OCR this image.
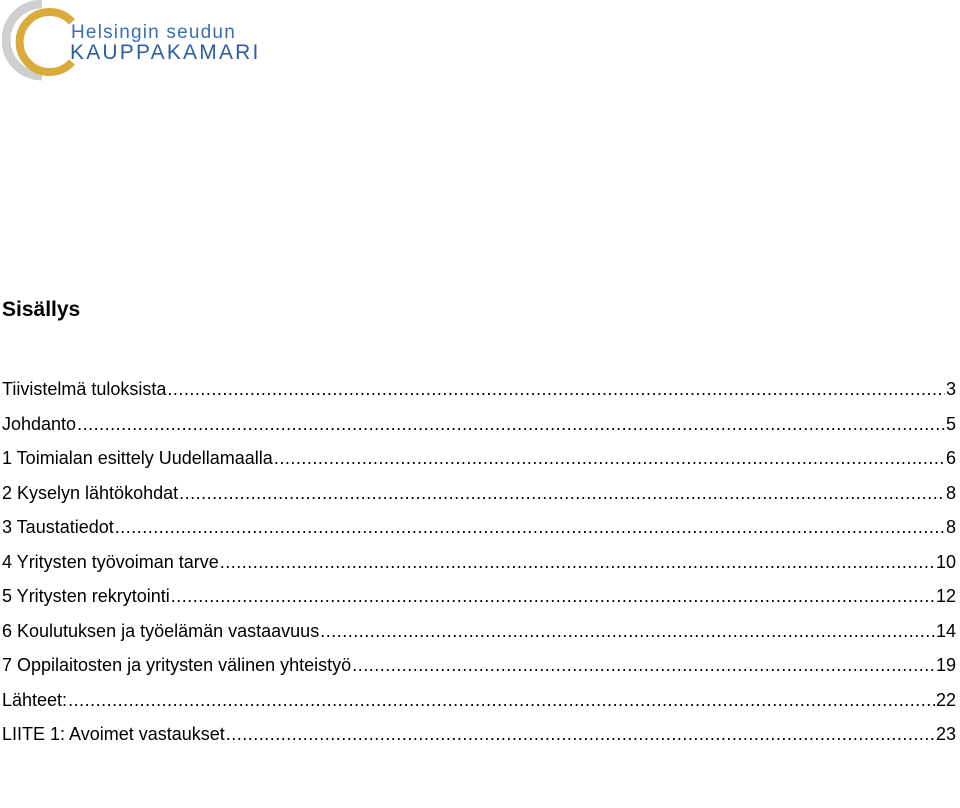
Helsingin seudun
KAUPPAKAMARI
Sisällys
Tiivistelmä tuloksista .....	3
Johdanto .....	5
1 Toimialan esittely Uudellamaalla .....	6
2 Kyselyn lähtökohdat .....	8
3 Taustatiedot .....	8
4 Yritysten työvoiman tarve .....	10
5 Yritysten rekrytointi .....	12
6 Koulutuksen ja työelämän vastaavuus .....	14
7 Oppilaitosten ja yritysten välinen yhteistyö .....	19
Lähteet: .....	22
LIITE 1: Avoimet vastaukset .....	23
